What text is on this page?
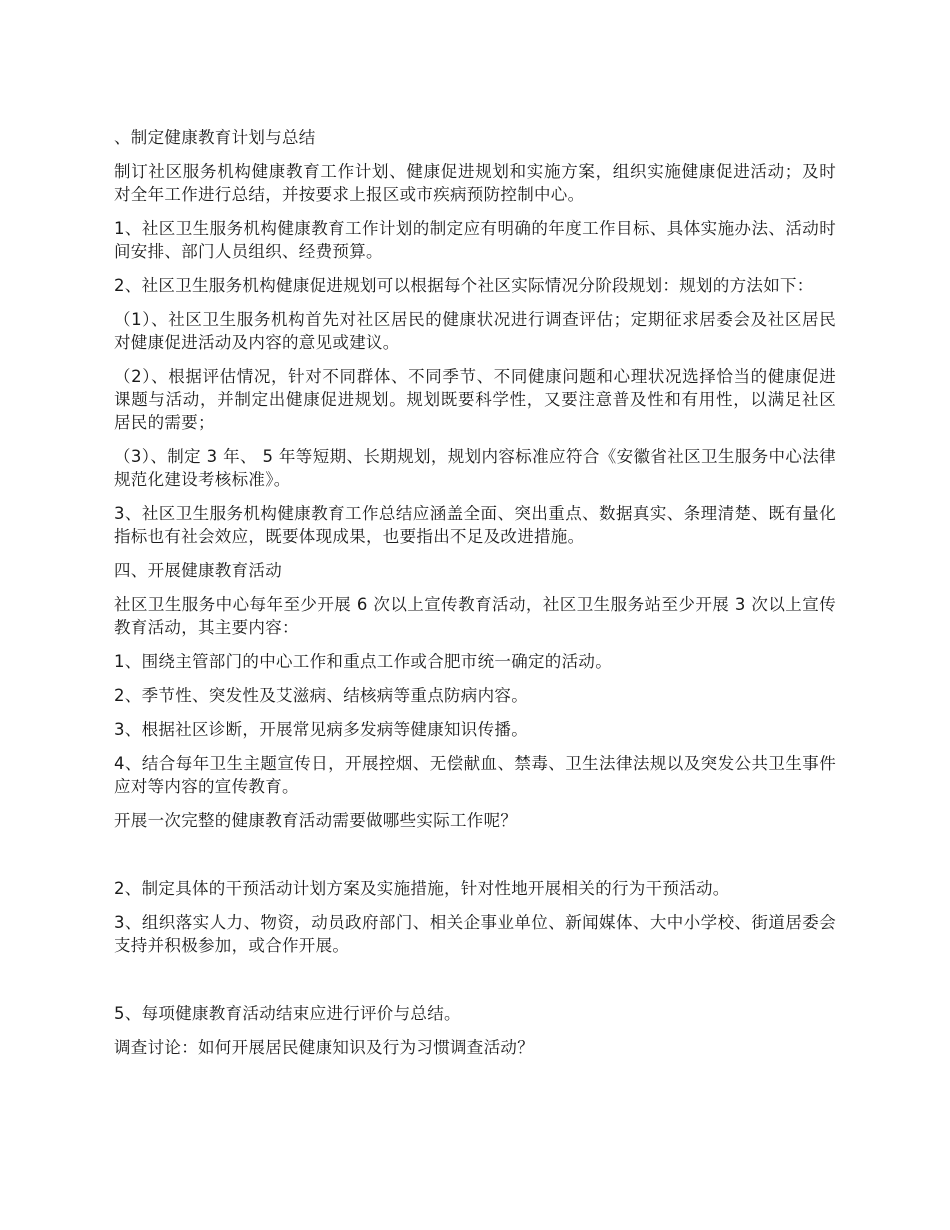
、制定健康教育计划与总结

制订社区服务机构健康教育工作计划、健康促进规划和实施方案，组织实施健康促进活动；及时对全年工作进行总结，并按要求上报区或市疾病预防控制中心。

1、社区卫生服务机构健康教育工作计划的制定应有明确的年度工作目标、具体实施办法、活动时间安排、部门人员组织、经费预算。

2、社区卫生服务机构健康促进规划可以根据每个社区实际情况分阶段规划：规划的方法如下：

（1）、社区卫生服务机构首先对社区居民的健康状况进行调查评估；定期征求居委会及社区居民对健康促进活动及内容的意见或建议。

（2）、根据评估情况，针对不同群体、不同季节、不同健康问题和心理状况选择恰当的健康促进课题与活动，并制定出健康促进规划。规划既要科学性，又要注意普及性和有用性，以满足社区居民的需要；

（3）、制定 3 年、 5 年等短期、长期规划，规划内容标准应符合《安徽省社区卫生服务中心法律规范化建设考核标准》。

3、社区卫生服务机构健康教育工作总结应涵盖全面、突出重点、数据真实、条理清楚、既有量化指标也有社会效应，既要体现成果，也要指出不足及改进措施。

四、开展健康教育活动

社区卫生服务中心每年至少开展 6 次以上宣传教育活动，社区卫生服务站至少开展 3 次以上宣传教育活动，其主要内容：

1、围绕主管部门的中心工作和重点工作或合肥市统一确定的活动。

2、季节性、突发性及艾滋病、结核病等重点防病内容。

3、根据社区诊断，开展常见病多发病等健康知识传播。

4、结合每年卫生主题宣传日，开展控烟、无偿献血、禁毒、卫生法律法规以及突发公共卫生事件应对等内容的宣传教育。

开展一次完整的健康教育活动需要做哪些实际工作呢？

2、制定具体的干预活动计划方案及实施措施，针对性地开展相关的行为干预活动。

3、组织落实人力、物资，动员政府部门、相关企事业单位、新闻媒体、大中小学校、街道居委会支持并积极参加，或合作开展。

5、每项健康教育活动结束应进行评价与总结。

调查讨论：如何开展居民健康知识及行为习惯调查活动？
